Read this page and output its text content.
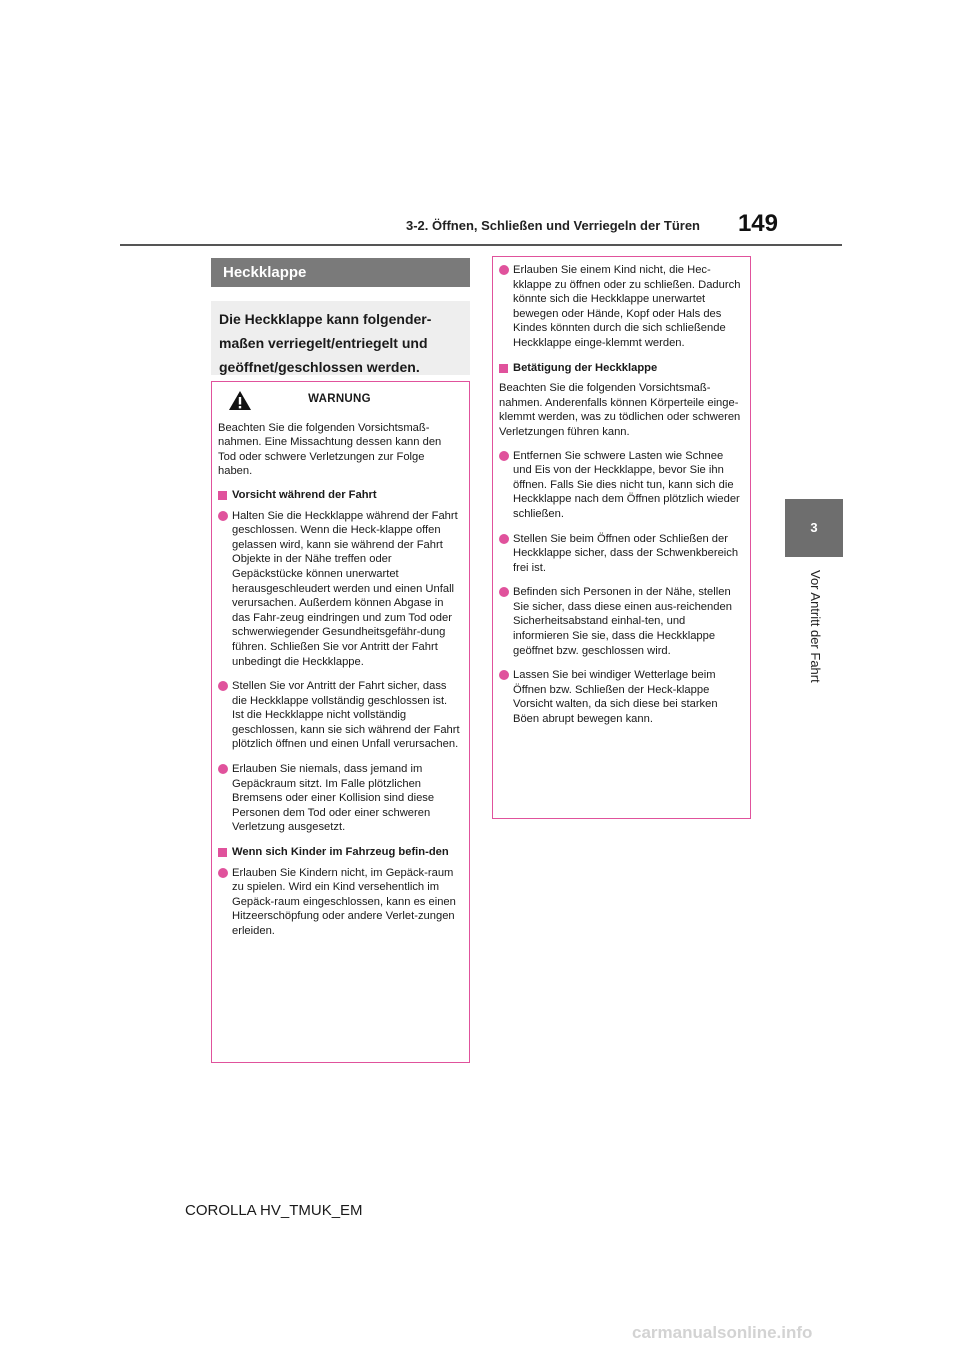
3-2. Öffnen, Schließen und Verriegeln der Türen	149
3
Vor Antritt der Fahrt
Heckklappe
Die Heckklappe kann folgender-maßen verriegelt/entriegelt und geöffnet/geschlossen werden.
WARNUNG

Beachten Sie die folgenden Vorsichtsmaß-nahmen. Eine Missachtung dessen kann den Tod oder schwere Verletzungen zur Folge haben.

Vorsicht während der Fahrt
Halten Sie die Heckklappe während der Fahrt geschlossen. Wenn die Heck-klappe offen gelassen wird, kann sie während der Fahrt Objekte in der Nähe treffen oder Gepäckstücke können unerwartet herausgeschleudert werden und einen Unfall verursachen. Außerdem können Abgase in das Fahr-zeug eindringen und zum Tod oder schwerwiegender Gesundheitsgefähr-dung führen. Schließen Sie vor Antritt der Fahrt unbedingt die Heckklappe.
Stellen Sie vor Antritt der Fahrt sicher, dass die Heckklappe vollständig geschlossen ist. Ist die Heckklappe nicht vollständig geschlossen, kann sie sich während der Fahrt plötzlich öffnen und einen Unfall verursachen.
Erlauben Sie niemals, dass jemand im Gepäckraum sitzt. Im Falle plötzlichen Bremsens oder einer Kollision sind diese Personen dem Tod oder einer schweren Verletzung ausgesetzt.
Wenn sich Kinder im Fahrzeug befin-den
Erlauben Sie Kindern nicht, im Gepäck-raum zu spielen. Wird ein Kind versehentlich im Gepäck-raum eingeschlossen, kann es einen Hitzeerschöpfung oder andere Verlet-zungen erleiden.
Erlauben Sie einem Kind nicht, die Hec-kklappe zu öffnen oder zu schließen. Dadurch könnte sich die Heckklappe unerwartet bewegen oder Hände, Kopf oder Hals des Kindes könnten durch die sich schließende Heckklappe einge-klemmt werden.
Betätigung der Heckklappe

Beachten Sie die folgenden Vorsichtsmaß-nahmen. Anderenfalls können Körperteile einge-klemmt werden, was zu tödlichen oder schweren Verletzungen führen kann.

Entfernen Sie schwere Lasten wie Schnee und Eis von der Heckklappe, bevor Sie ihn öffnen. Falls Sie dies nicht tun, kann sich die Heckklappe nach dem Öffnen plötzlich wieder schließen.
Stellen Sie beim Öffnen oder Schließen der Heckklappe sicher, dass der Schwenkbereich frei ist.
Befinden sich Personen in der Nähe, stellen Sie sicher, dass diese einen aus-reichenden Sicherheitsabstand einhal-ten, und informieren Sie sie, dass die Heckklappe geöffnet bzw. geschlossen wird.
Lassen Sie bei windiger Wetterlage beim Öffnen bzw. Schließen der Heck-klappe Vorsicht walten, da sich diese bei starken Böen abrupt bewegen kann.
COROLLA HV_TMUK_EM
carmanualsonline.info
